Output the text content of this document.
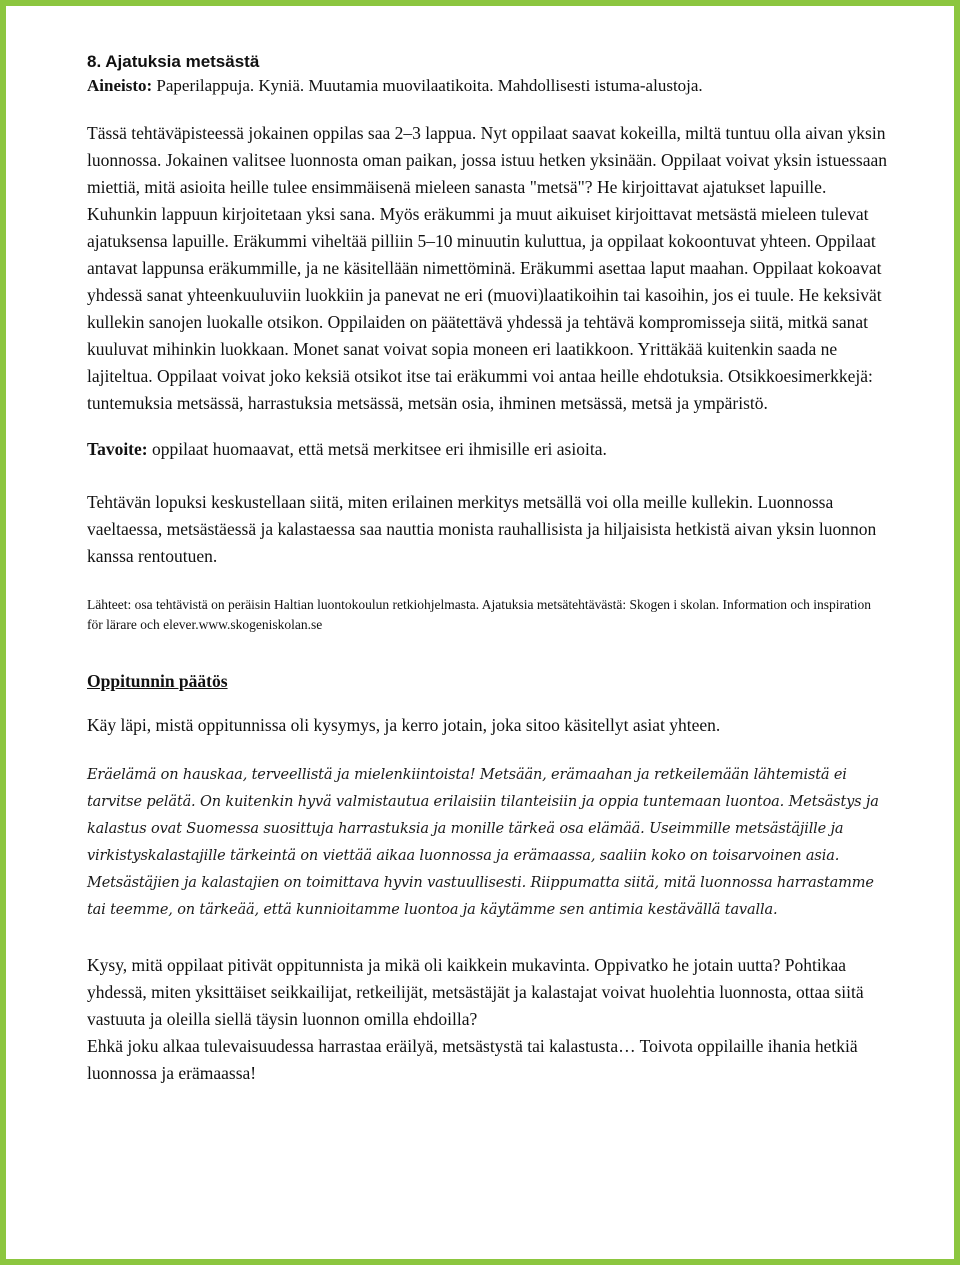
8. Ajatuksia metsästä

Aineisto: Paperilappuja. Kyniä. Muutamia muovilaatikoita. Mahdollisesti istuma-alustoja.

Tässä tehtäväpisteessä jokainen oppilas saa 2–3 lappua. Nyt oppilaat saavat kokeilla, miltä tuntuu olla aivan yksin luonnossa. Jokainen valitsee luonnosta oman paikan, jossa istuu hetken yksinään. Oppilaat voivat yksin istuessaan miettiä, mitä asioita heille tulee ensimmäisenä mieleen sanasta "metsä"? He kirjoittavat ajatukset lapuille. Kuhunkin lappuun kirjoitetaan yksi sana. Myös eräkummi ja muut aikuiset kirjoittavat metsästä mieleen tulevat ajatuksensa lapuille. Eräkummi viheltää pilliin 5–10 minuutin kuluttua, ja oppilaat kokoontuvat yhteen. Oppilaat antavat lappunsa eräkummille, ja ne käsitellään nimettöminä. Eräkummi asettaa laput maahan. Oppilaat kokoavat yhdessä sanat yhteenkuuluviin luokkiin ja panevat ne eri (muovi)laatikoihin tai kasoihin, jos ei tuule. He keksivät kullekin sanojen luokalle otsikon. Oppilaiden on päätettävä yhdessä ja tehtävä kompromisseja siitä, mitkä sanat kuuluvat mihinkin luokkaan. Monet sanat voivat sopia moneen eri laatikkoon. Yrittäkää kuitenkin saada ne lajiteltua. Oppilaat voivat joko keksiä otsikot itse tai eräkummi voi antaa heille ehdotuksia. Otsikkoesimerkkejä: tuntemuksia metsässä, harrastuksia metsässä, metsän osia, ihminen metsässä, metsä ja ympäristö.

Tavoite: oppilaat huomaavat, että metsä merkitsee eri ihmisille eri asioita.

Tehtävän lopuksi keskustellaan siitä, miten erilainen merkitys metsällä voi olla meille kullekin. Luonnossa vaeltaessa, metsästäessä ja kalastaessa saa nauttia monista rauhallisista ja hiljaisista hetkistä aivan yksin luonnon kanssa rentoutuen.

Lähteet: osa tehtävistä on peräisin Haltian luontokoulun retkiohjelmasta. Ajatuksia metsätehtävästä: Skogen i skolan. Information och inspiration för lärare och elever.www.skogeniskolan.se

Oppitunnin päätös

Käy läpi, mistä oppitunnissa oli kysymys, ja kerro jotain, joka sitoo käsitellyt asiat yhteen.

Eräelämä on hauskaa, terveellistä ja mielenkiintoista! Metsään, erämaahan ja retkeilemään lähtemistä ei tarvitse pelätä. On kuitenkin hyvä valmistautua erilaisiin tilanteisiin ja oppia tuntemaan luontoa. Metsästys ja kalastus ovat Suomessa suosittuja harrastuksia ja monille tärkeä osa elämää. Useimmille metsästäjille ja virkistyskalastajille tärkeintä on viettää aikaa luonnossa ja erämaassa, saaliin koko on toisarvoinen asia. Metsästäjien ja kalastajien on toimittava hyvin vastuullisesti. Riippumatta siitä, mitä luonnossa harrastamme tai teemme, on tärkeää, että kunnioitamme luontoa ja käytämme sen antimia kestävällä tavalla.

Kysy, mitä oppilaat pitivät oppitunnista ja mikä oli kaikkein mukavinta. Oppivatko he jotain uutta? Pohtikaa yhdessä, miten yksittäiset seikkailijat, retkeilijät, metsästäjät ja kalastajat voivat huolehtia luonnosta, ottaa siitä vastuuta ja oleilla siellä täysin luonnon omilla ehdoilla?
Ehkä joku alkaa tulevaisuudessa harrastaa eräilyä, metsästystä tai kalastusta… Toivota oppilaille ihania hetkiä luonnossa ja erämaassa!
